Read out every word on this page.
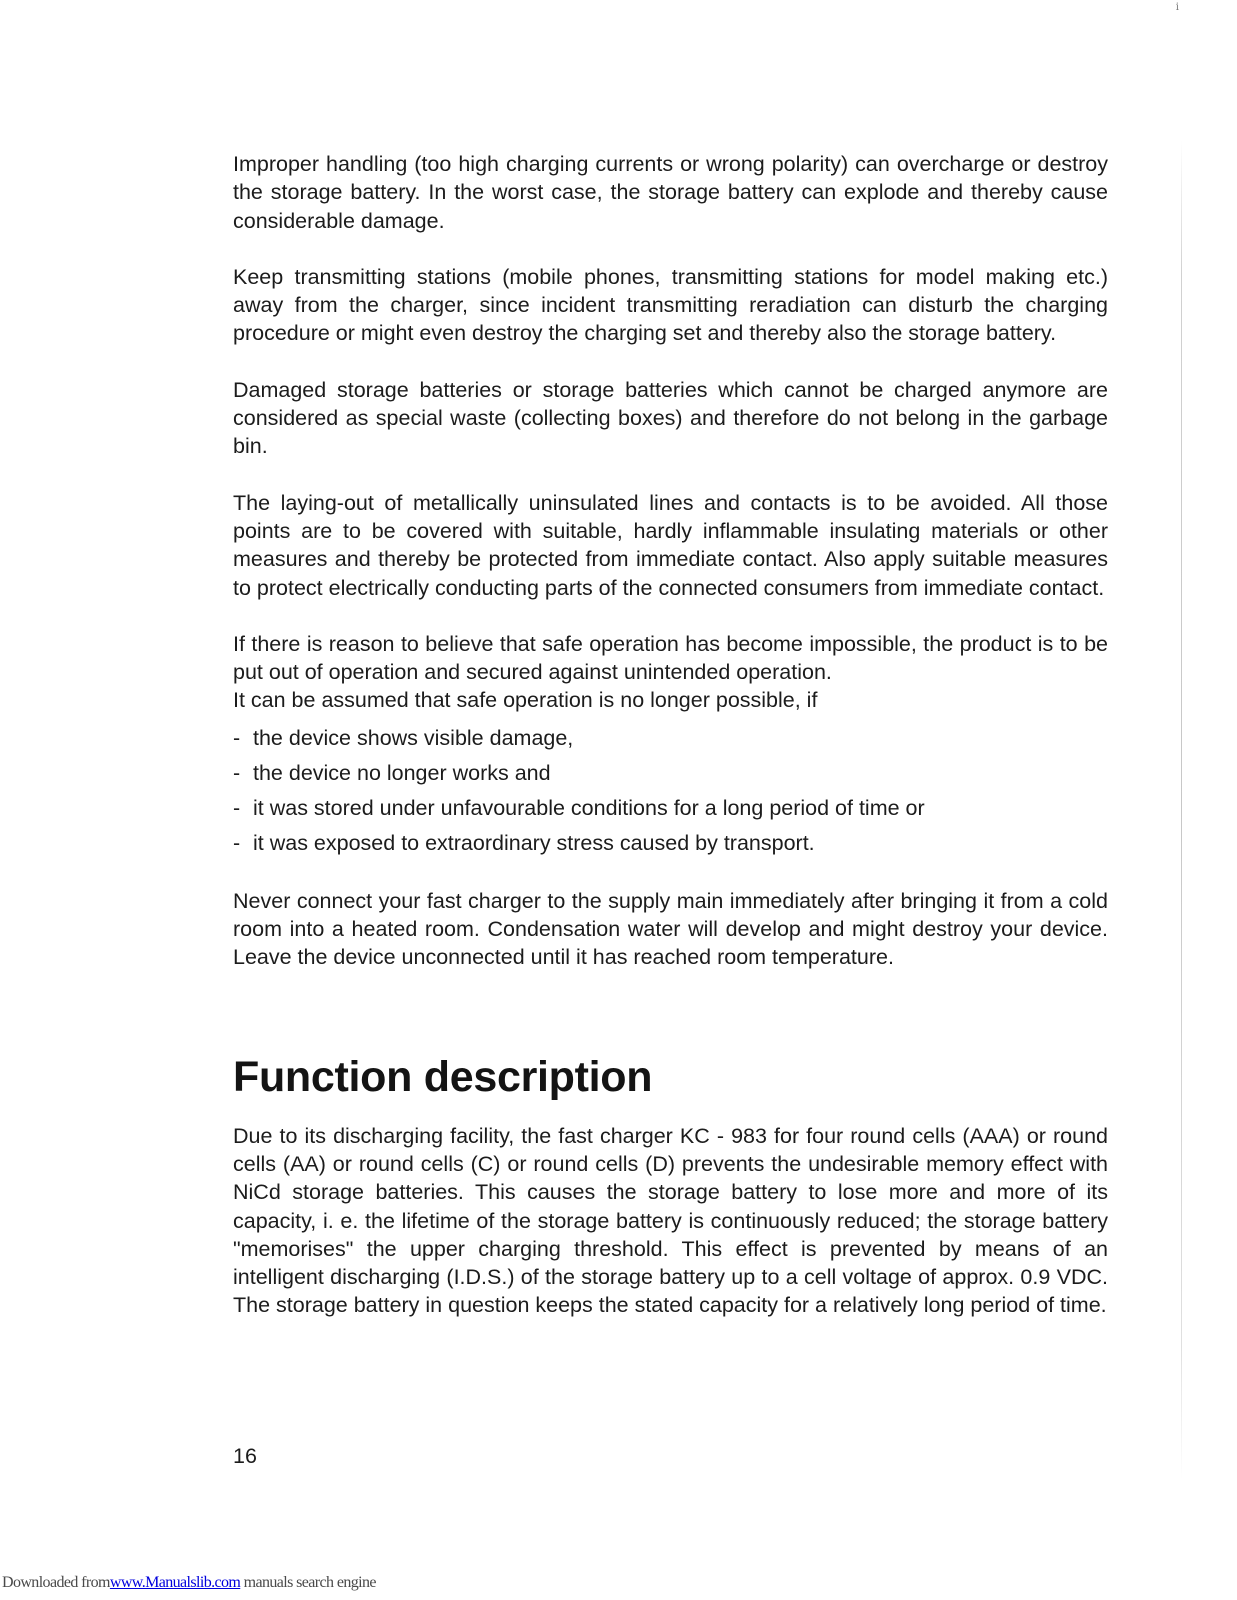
i

Improper handling (too high charging currents or wrong polarity) can overcharge or destroy the storage battery. In the worst case, the storage battery can explode and thereby cause considerable damage.

Keep transmitting stations (mobile phones, transmitting stations for model making etc.) away from the charger, since incident transmitting reradiation can disturb the charging procedure or might even destroy the charging set and thereby also the storage battery.

Damaged storage batteries or storage batteries which cannot be charged anymore are considered as special waste (collecting boxes) and therefore do not belong in the garbage bin.

The laying-out of metallically uninsulated lines and contacts is to be avoided. All those points are to be covered with suitable, hardly inflammable insulating materials or other measures and thereby be protected from immediate contact. Also apply suitable measures to protect electrically conducting parts of the connected consumers from immediate contact.

If there is reason to believe that safe operation has become impossible, the product is to be put out of operation and secured against unintended operation.

It can be assumed that safe operation is no longer possible, if

- the device shows visible damage,
- the device no longer works and
- it was stored under unfavourable conditions for a long period of time or
- it was exposed to extraordinary stress caused by transport.

Never connect your fast charger to the supply main immediately after bringing it from a cold room into a heated room. Condensation water will develop and might destroy your device. Leave the device unconnected until it has reached room temperature.

Function description

Due to its discharging facility, the fast charger KC - 983 for four round cells (AAA) or round cells (AA) or round cells (C) or round cells (D) prevents the undesirable memory effect with NiCd storage batteries. This causes the storage battery to lose more and more of its capacity, i. e. the lifetime of the storage battery is continuously reduced; the storage battery "memorises" the upper charging threshold. This effect is prevented by means of an intelligent discharging (I.D.S.) of the storage battery up to a cell voltage of approx. 0.9 VDC. The storage battery in question keeps the stated capacity for a relatively long period of time.

16
Downloaded fromwww.Manualslib.com manuals search engine
